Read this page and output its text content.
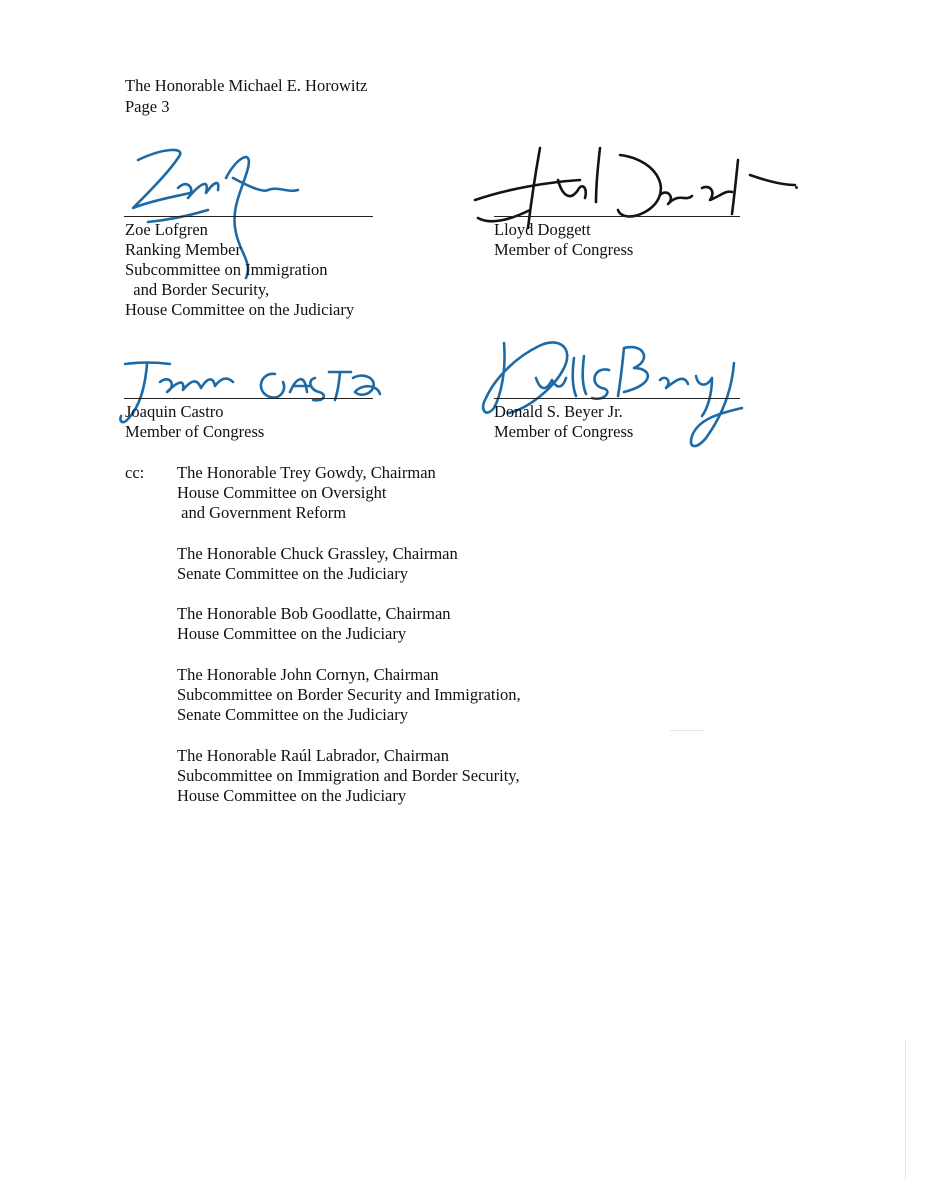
The Honorable Michael E. Horowitz
Page 3
Zoe Lofgren
Ranking Member
Subcommittee on Immigration
and Border Security,
House Committee on the Judiciary
Lloyd Doggett
Member of Congress
Joaquin Castro
Member of Congress
Donald S. Beyer Jr.
Member of Congress
cc: The Honorable Trey Gowdy, Chairman
House Committee on Oversight
and Government Reform
The Honorable Chuck Grassley, Chairman
Senate Committee on the Judiciary
The Honorable Bob Goodlatte, Chairman
House Committee on the Judiciary
The Honorable John Cornyn, Chairman
Subcommittee on Border Security and Immigration,
Senate Committee on the Judiciary
The Honorable Raúl Labrador, Chairman
Subcommittee on Immigration and Border Security,
House Committee on the Judiciary
